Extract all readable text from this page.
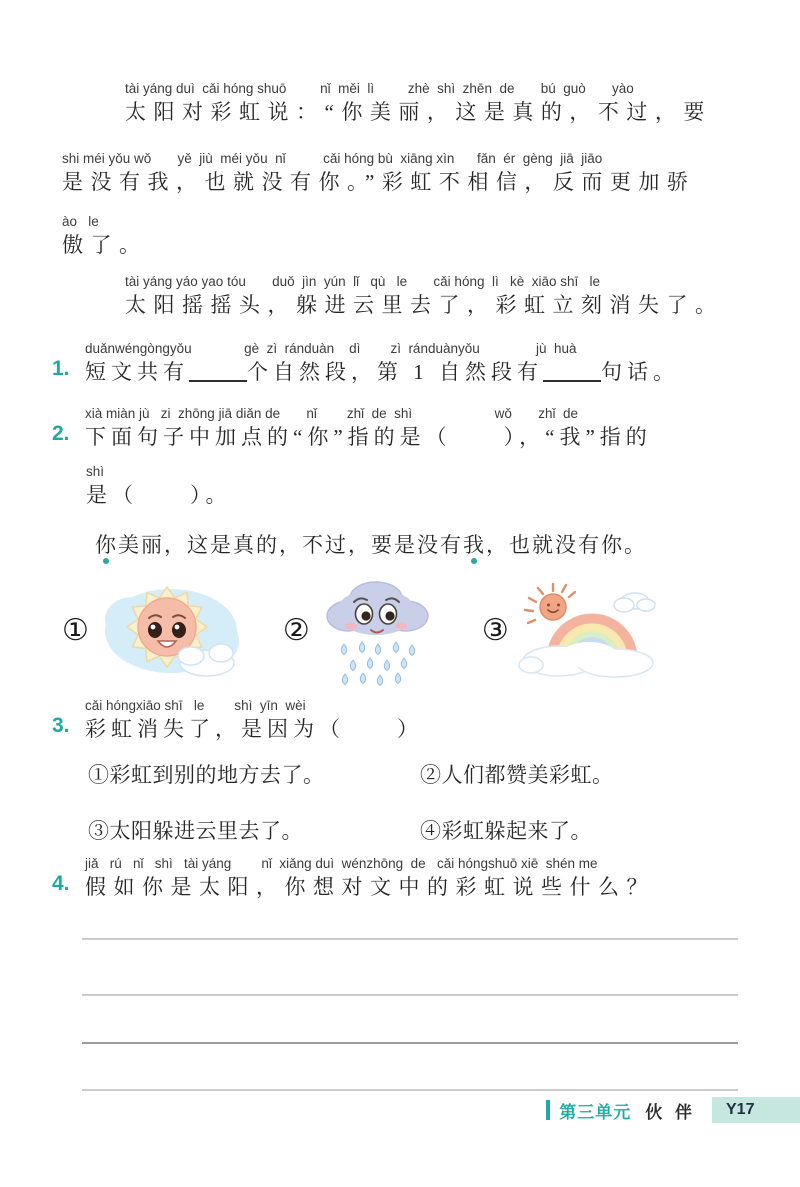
tài yáng duì  cǎi hóng shuō         nǐ  měi  lì         zhè  shì  zhēn  de       bú  guò       yào
太阳对彩虹说：“你美丽，这是真的，不过，要
shi méi yǒu wǒ       yě  jiù  méi yǒu  nǐ          cǎi hóng bù  xiāng xìn      fǎn  ér  gèng  jiā  jiāo
是没有我，也就没有你。”彩虹不相信，反而更加骄
ào   le
傲了。
tài yáng yáo yao tóu       duǒ  jìn  yún  lǐ   qù   le       cǎi hóng  lì   kè  xiāo shī   le
太阳摇摇头，躲进云里去了，彩虹立刻消失了。
1.
duǎnwéngòngyǒu              gè  zì  ránduàn    dì        zì  ránduànyǒu               jù  huà
短文共有	个自然段，第 1 自然段有	句话。
2.
xià miàn jù   zi  zhōng jiā diǎn de       nǐ        zhǐ  de  shì                      wǒ       zhǐ  de
下面句子中加点的“你”指的是（　　），“我”指的
shì
是（　　）。
你美丽，这是真的，不过，要是没有我，也就没有你。
①	②	③
3.
cǎi hóngxiāo shī   le        shì  yīn  wèi
彩虹消失了，是因为（　　）
①彩虹到别的地方去了。	②人们都赞美彩虹。
③太阳躲进云里去了。	④彩虹躲起来了。
4.
jiǎ   rú   nǐ   shì   tài yáng        nǐ  xiǎng duì  wénzhōng  de   cǎi hóngshuō xiē  shén me
假如你是太阳，你想对文中的彩虹说些什么？
第三单元 伙 伴	Y17
